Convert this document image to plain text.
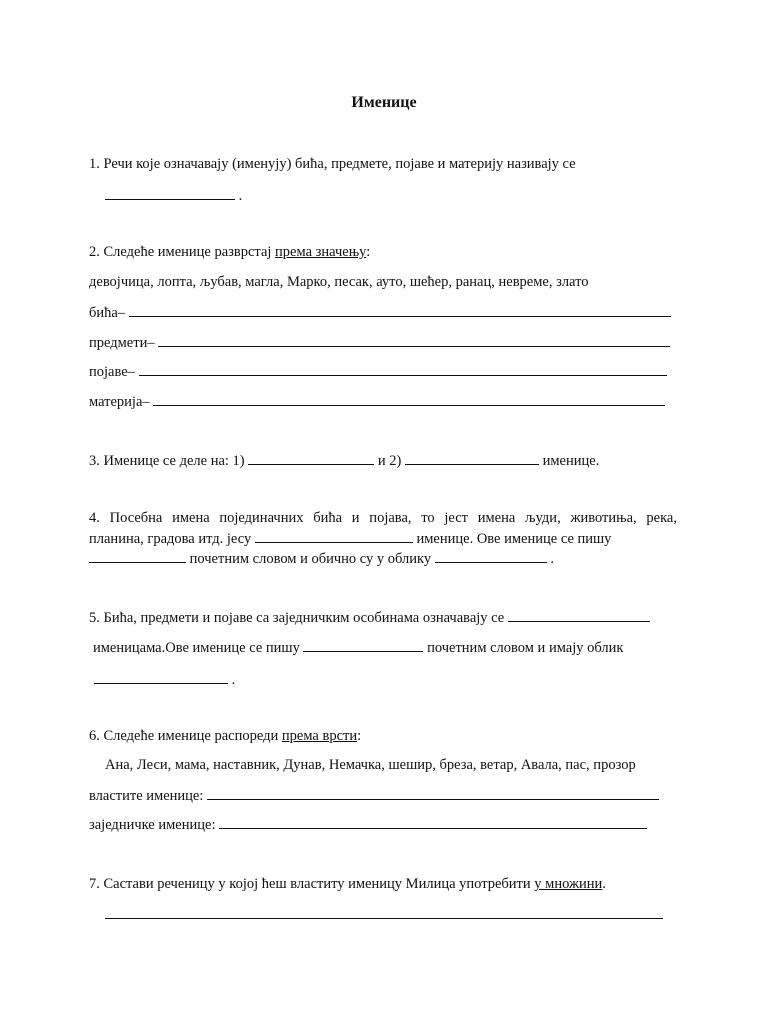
Именице
1. Речи које означавају (именују) бића, предмете, појаве и материју називају се
.
2. Следеће именице разврстај према значењу:
девојчица, лопта, љубав, магла, Марко, песак, ауто, шећер, ранац, невреме, злато
бића–
предмети–
појаве–
материја–
3. Именице се деле на: 1)	и 2)	именице.
4. Посебна имена појединачних бића и појава, то јест имена људи, животиња, река,
планина, градова итд. јесу	именице. Ове именице се пишу
почетним словом и обично су у облику	.
5. Бића, предмети и појаве са заједничким особинама означавају се
именицама.Ове именице се пишу	почетним словом и имају облик
.
6. Следеће именице распореди према врсти:
Ана, Леси, мама, наставник, Дунав, Немачка, шешир, бреза, ветар, Авала, пас, прозор
властите именице:
заједничке именице:
7. Састави реченицу у којој ћеш властиту именицу Милица употребити у множини.
